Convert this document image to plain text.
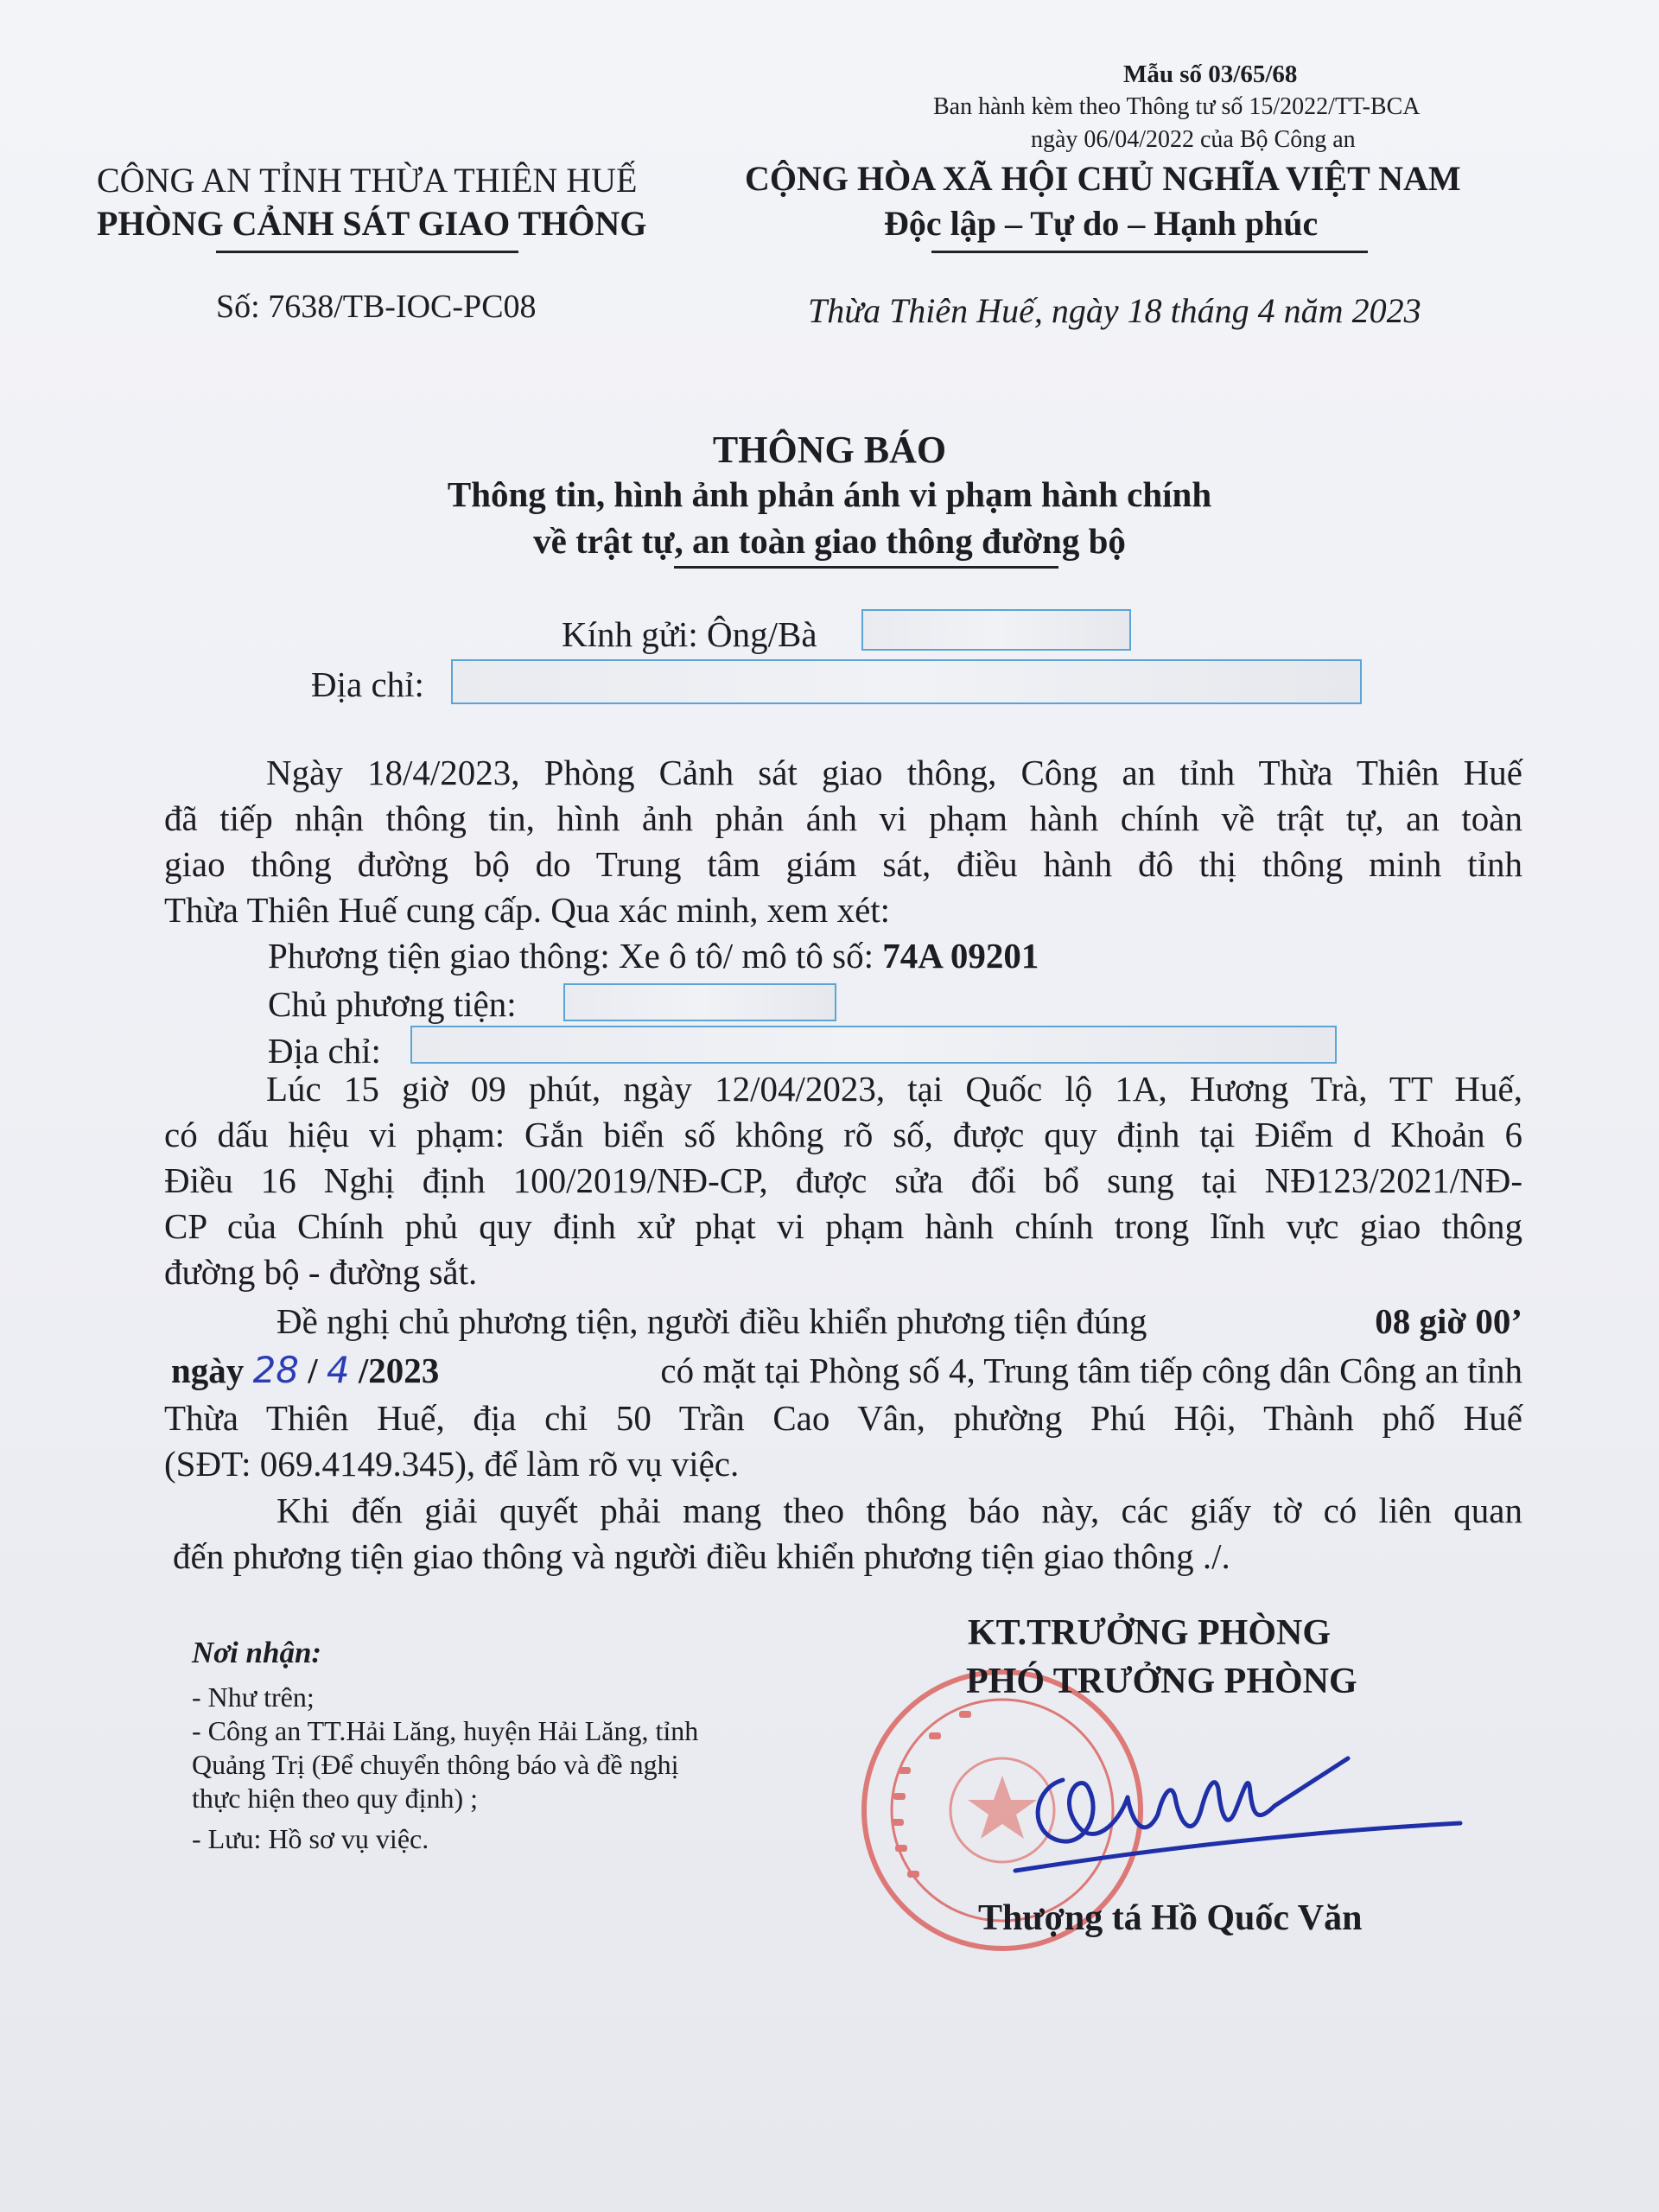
Mẫu số 03/65/68
Ban hành kèm theo Thông tư số 15/2022/TT-BCA
ngày 06/04/2022 của Bộ Công an
CÔNG AN TỈNH THỪA THIÊN HUẾ
PHÒNG CẢNH SÁT GIAO THÔNG
Số: 7638/TB-IOC-PC08
CỘNG HÒA XÃ HỘI CHỦ NGHĨA VIỆT NAM
Độc lập – Tự do – Hạnh phúc
Thừa Thiên Huế, ngày 18 tháng 4 năm 2023
THÔNG BÁO
Thông tin, hình ảnh phản ánh vi phạm hành chính
về trật tự, an toàn giao thông đường bộ
Kính gửi: Ông/Bà
Địa chỉ:
Ngày 18/4/2023, Phòng Cảnh sát giao thông, Công an tỉnh Thừa Thiên Huế
đã tiếp nhận thông tin, hình ảnh phản ánh vi phạm hành chính về trật tự, an toàn
giao thông đường bộ do Trung tâm giám sát, điều hành đô thị thông minh tỉnh
Thừa Thiên Huế cung cấp. Qua xác minh, xem xét:
Phương tiện giao thông: Xe ô tô/ mô tô số: 74A 09201
Chủ phương tiện:
Địa chỉ:
Lúc 15 giờ 09 phút, ngày 12/04/2023, tại Quốc lộ 1A, Hương Trà, TT Huế,
có dấu hiệu vi phạm: Gắn biển số không rõ số, được quy định tại Điểm d Khoản 6
Điều 16 Nghị định 100/2019/NĐ-CP, được sửa đổi bổ sung tại NĐ123/2021/NĐ-
CP của Chính phủ quy định xử phạt vi phạm hành chính trong lĩnh vực giao thông
đường bộ - đường sắt.
Đề nghị chủ phương tiện, người điều khiển phương tiện đúng	08 giờ 00’
ngày 28 / 4 /2023	có mặt tại Phòng số 4, Trung tâm tiếp công dân Công an tỉnh
Thừa Thiên Huế, địa chỉ 50 Trần Cao Vân, phường Phú Hội, Thành phố Huế
(SĐT: 069.4149.345), để làm rõ vụ việc.
Khi đến giải quyết phải mang theo thông báo này, các giấy tờ có liên quan
đến phương tiện giao thông và người điều khiển phương tiện giao thông ./.
Nơi nhận:
- Như trên;
- Công an TT.Hải Lăng, huyện Hải Lăng, tỉnh
Quảng Trị (Để chuyển thông báo và đề nghị
thực hiện theo quy định) ;
- Lưu: Hồ sơ vụ việc.
KT.TRƯỞNG PHÒNG
PHÓ TRƯỞNG PHÒNG
Thượng tá Hồ Quốc Văn
